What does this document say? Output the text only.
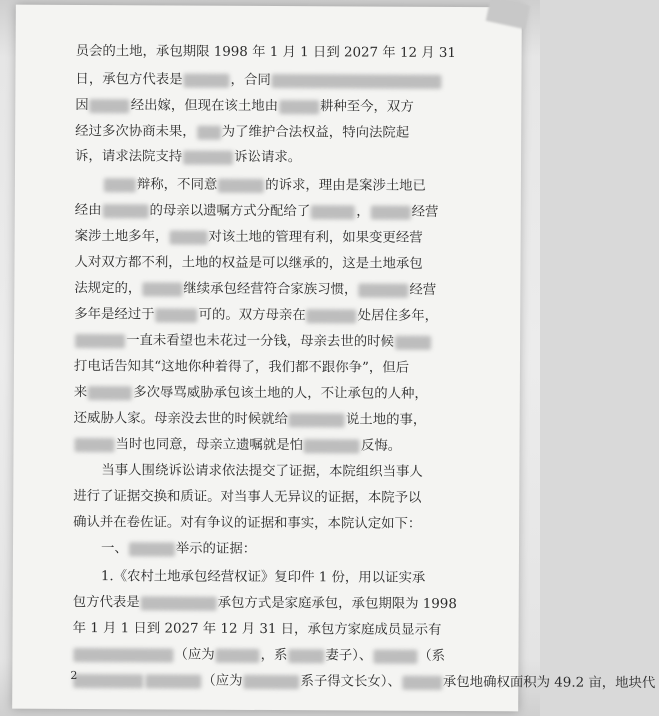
员会的土地，承包期限 1998 年 1 月 1 日到 2027 年 12 月 31
日，承包方代表是	，合同
因	经出嫁，但现在该土地由	耕种至今，双方
经过多次协商未果， 为了维护合法权益，特向法院起
诉，请求法院支持	诉讼请求。
辩称，不同意	的诉求，理由是案涉土地已
经由	的母亲以遗嘱方式分配给了	，	经营
案涉土地多年，	对该土地的管理有利，如果变更经营
人对双方都不利，土地的权益是可以继承的，这是土地承包
法规定的，	继续承包经营符合家族习惯，	经营
多年是经过于	可的。双方母亲在	处居住多年，
一直未看望也未花过一分钱，母亲去世的时候
打电话告知其“这地你种着得了，我们都不跟你争”，但后
来	多次辱骂威胁承包该土地的人，不让承包的人种，
还威胁人家。母亲没去世的时候就给	说土地的事，
当时也同意，母亲立遗嘱就是怕	反悔。
当事人围绕诉讼请求依法提交了证据，本院组织当事人
进行了证据交换和质证。对当事人无异议的证据，本院予以
确认并在卷佐证。对有争议的证据和事实，本院认定如下：
一、	举示的证据：
1.《农村土地承包经营权证》复印件 1 份，用以证实承
包方代表是	承包方式是家庭承包，承包期限为 1998
年 1 月 1 日到 2027 年 12 月 31 日，承包方家庭成员显示有
（应为	，系	妻子）、	（系
（应为	系子得文长女）、	承包地确权面积为 49.2 亩，地块代
2
